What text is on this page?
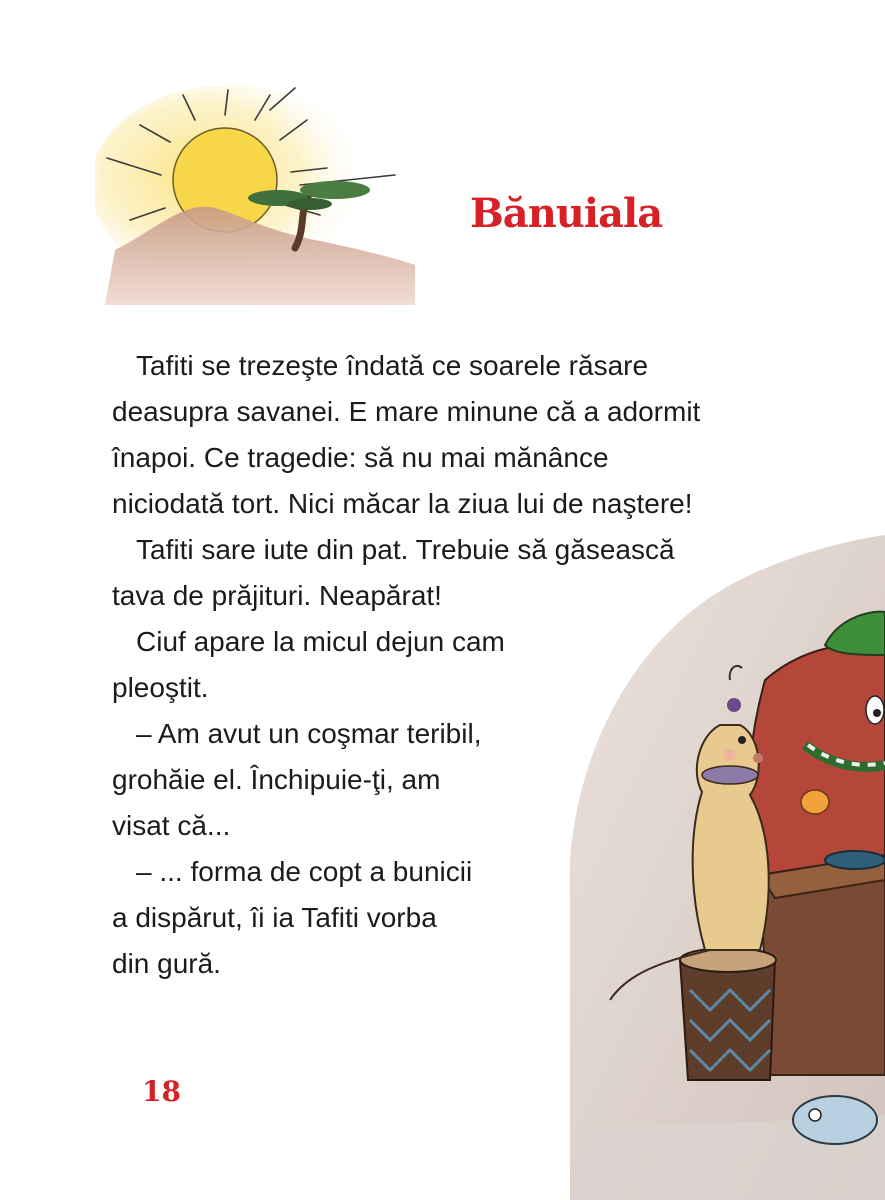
Bănuiala
Tafiti se trezeşte îndată ce soarele răsare
deasupra savanei. E mare minune că a adormit
înapoi. Ce tragedie: să nu mai mănânce
niciodată tort. Nici măcar la ziua lui de naştere!
Tafiti sare iute din pat. Trebuie să găsească
tava de prăjituri. Neapărat!
Ciuf apare la micul dejun cam
pleoştit.
– Am avut un coşmar teribil,
grohăie el. Închipuie-ţi, am
visat că...
– ... forma de copt a bunicii
a dispărut, îi ia Tafiti vorba
din gură.
18
